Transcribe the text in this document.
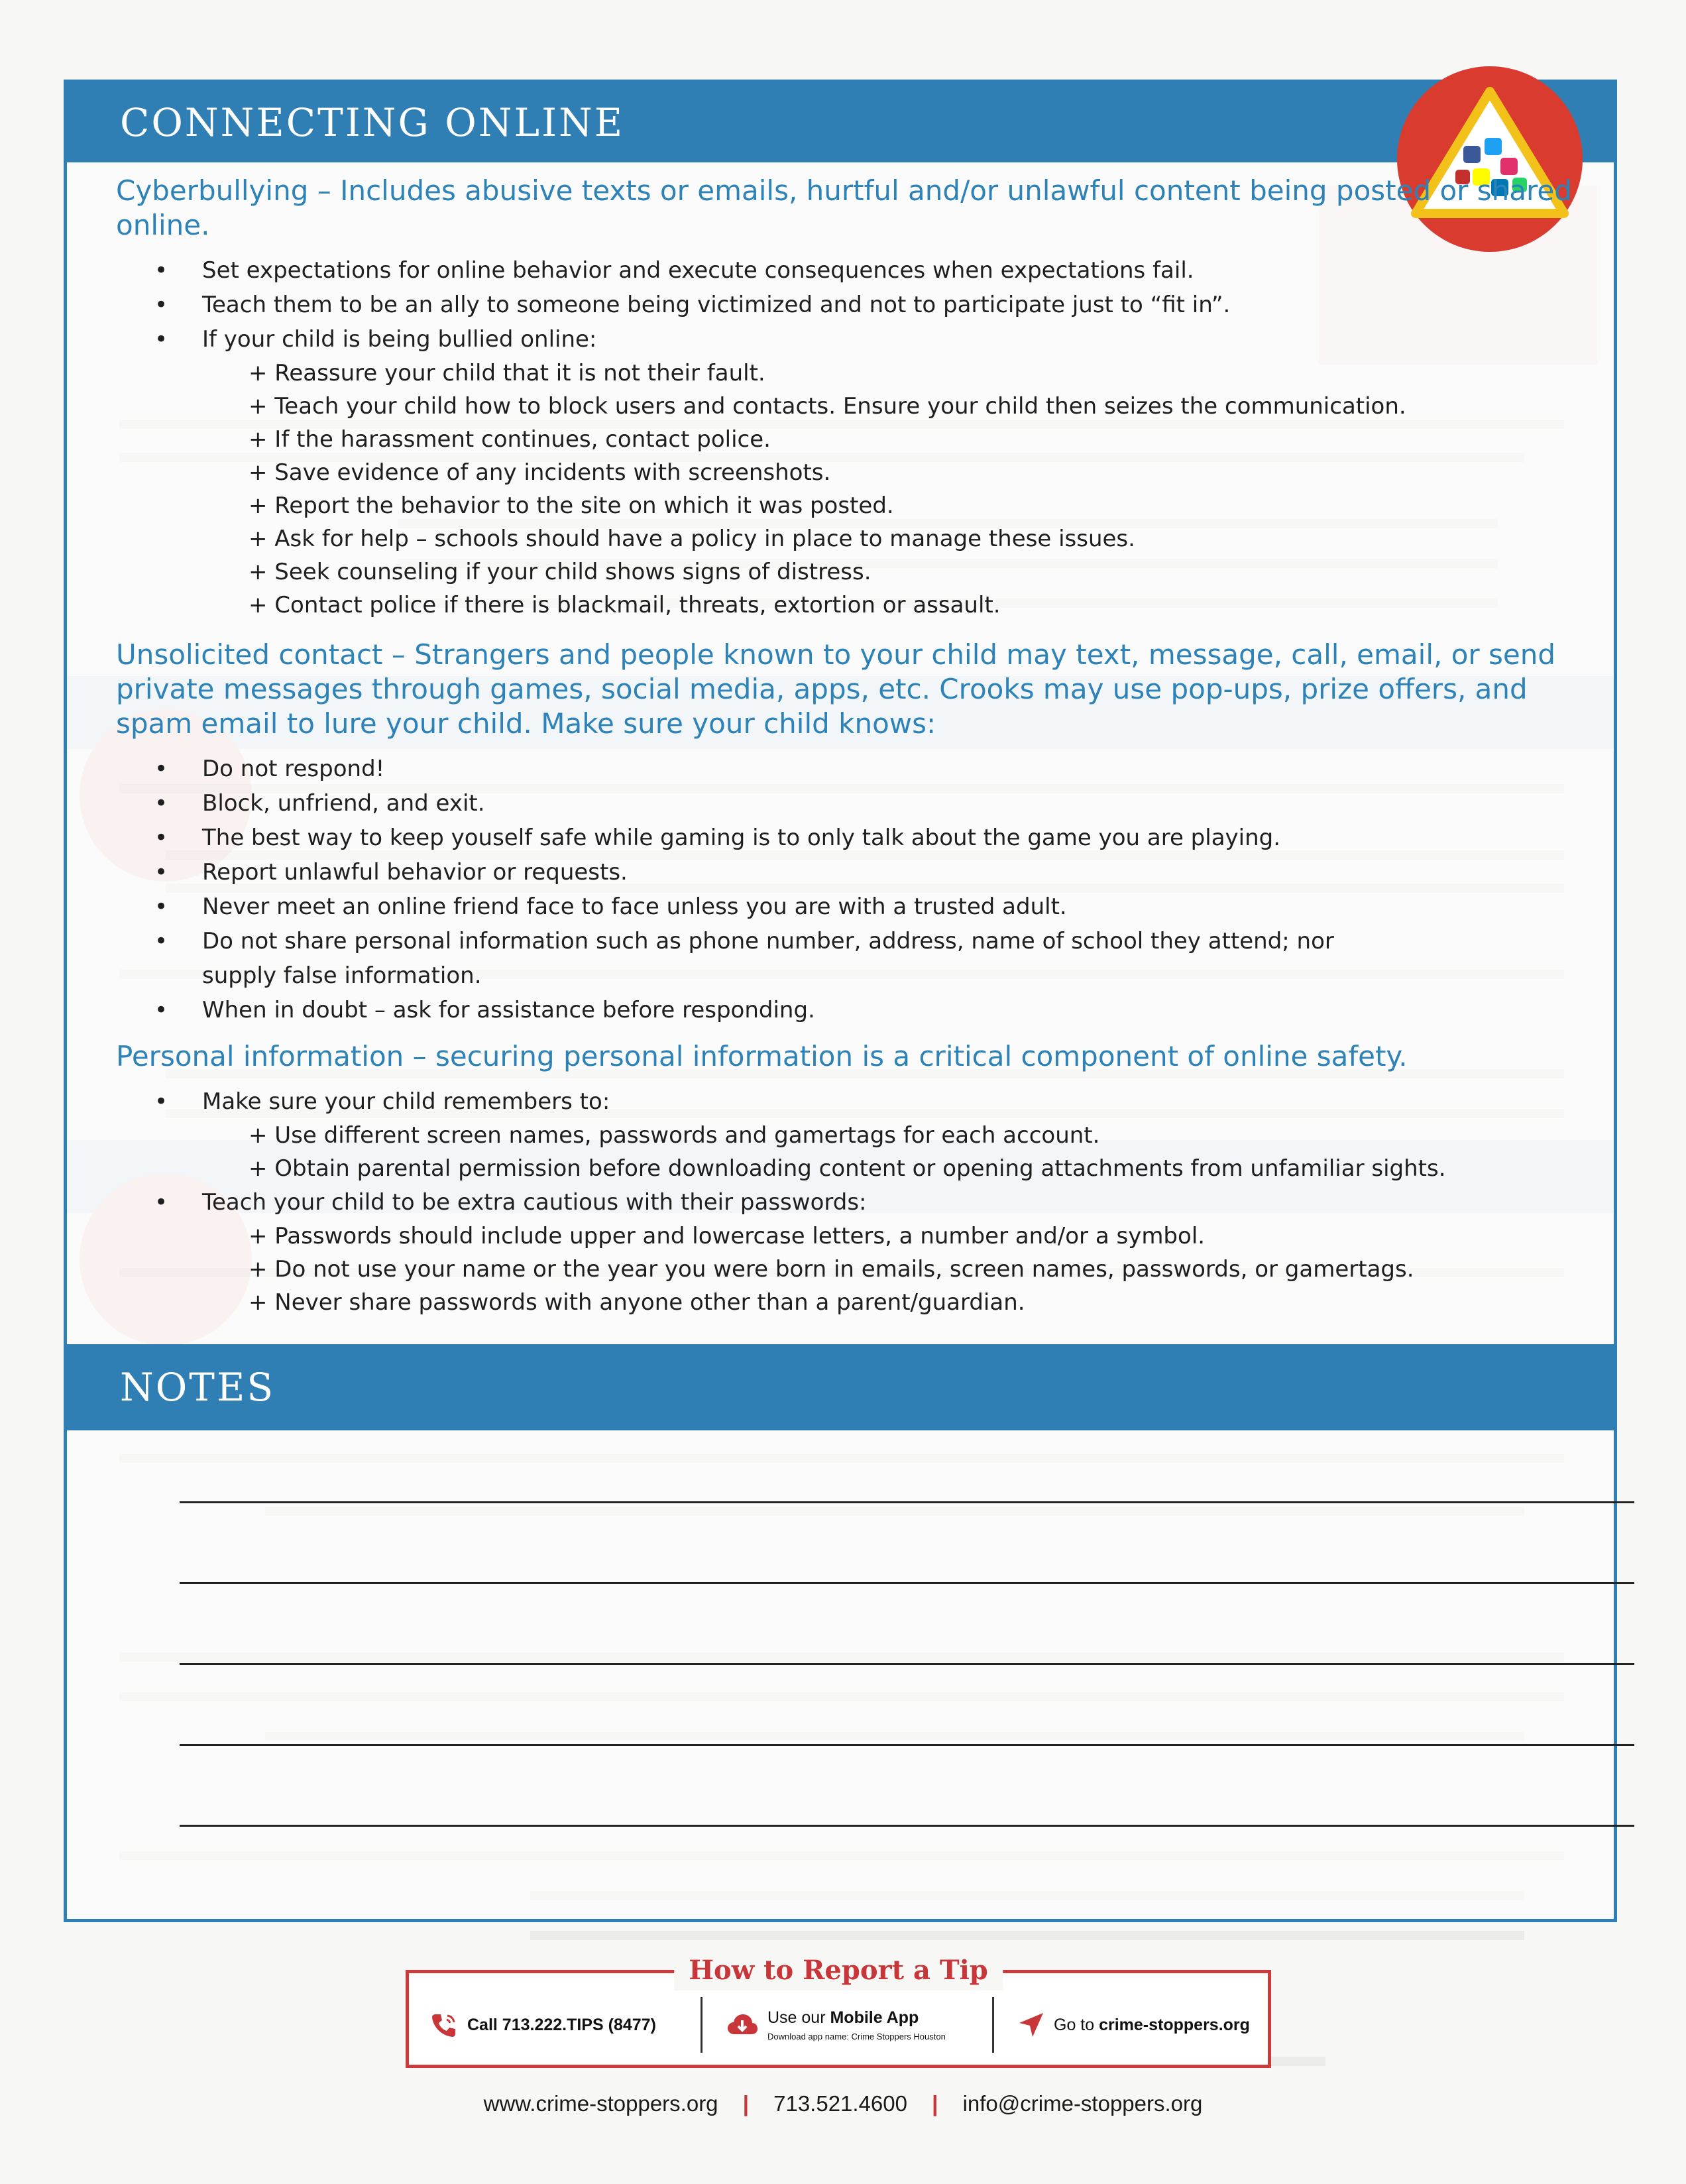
CONNECTING ONLINE
NOTES
Cyberbullying – Includes abusive texts or emails, hurtful and/or unlawful content being posted or shared online.
• Set expectations for online behavior and execute consequences when expectations fail.
• Teach them to be an ally to someone being victimized and not to participate just to “fit in”.
• If your child is being bullied online:
+ Reassure your child that it is not their fault.
+ Teach your child how to block users and contacts. Ensure your child then seizes the communication.
+ If the harassment continues, contact police.
+ Save evidence of any incidents with screenshots.
+ Report the behavior to the site on which it was posted.
+ Ask for help – schools should have a policy in place to manage these issues.
+ Seek counseling if your child shows signs of distress.
+ Contact police if there is blackmail, threats, extortion or assault.
Unsolicited contact – Strangers and people known to your child may text, message, call, email, or send private messages through games, social media, apps, etc. Crooks may use pop-ups, prize offers, and spam email to lure your child. Make sure your child knows:
• Do not respond!
• Block, unfriend, and exit.
• The best way to keep youself safe while gaming is to only talk about the game you are playing.
• Report unlawful behavior or requests.
• Never meet an online friend face to face unless you are with a trusted adult.
• Do not share personal information such as phone number, address, name of school they attend; nor supply false information.
• When in doubt – ask for assistance before responding.
Personal information – securing personal information is a critical component of online safety.
• Make sure your child remembers to:
+ Use different screen names, passwords and gamertags for each account.
+ Obtain parental permission before downloading content or opening attachments from unfamiliar sights.
• Teach your child to be extra cautious with their passwords:
+ Passwords should include upper and lowercase letters, a number and/or a symbol.
+ Do not use your name or the year you were born in emails, screen names, passwords, or gamertags.
+ Never share passwords with anyone other than a parent/guardian.
How to Report a Tip
Call 713.222.TIPS (8477)	Use our Mobile App
Download app name: Crime Stoppers Houston
Go to crime-stoppers.org
www.crime-stoppers.org | 713.521.4600 | info@crime-stoppers.org
